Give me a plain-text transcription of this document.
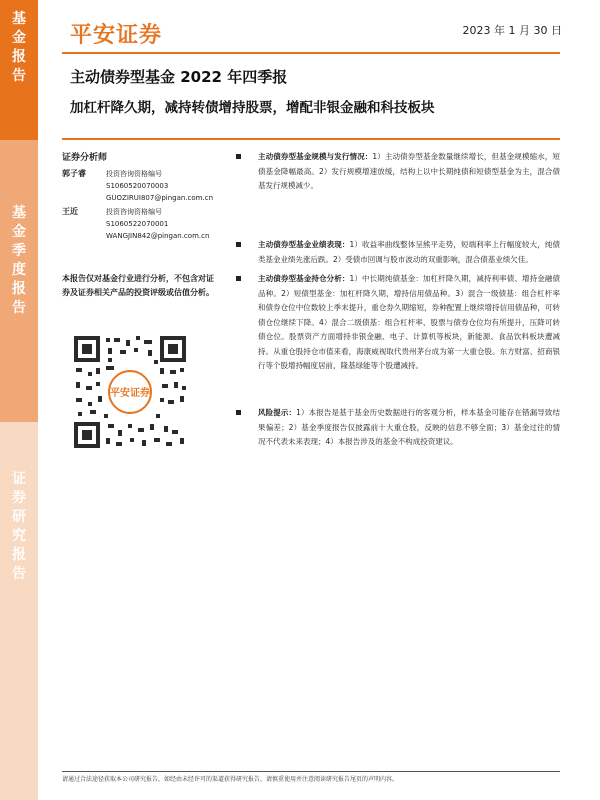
基金报告
基金季度报告
证券研究报告
平安证券	2023 年 1 月 30 日
主动债券型基金 2022 年四季报
加杠杆降久期，减持转债增持股票，增配非银金融和科技板块
证券分析师
郭子睿	投资咨询资格编号
S1060520070003
GUOZIRUI807@pingan.com.cn
王近	投资咨询资格编号
S1060522070001
WANGJIN842@pingan.com.cn
本报告仅对基金行业进行分析，不包含对证券及证券相关产品的投资评级或估值分析。
平安证券
主动债券型基金规模与发行情况：1）主动债券型基金数量继续增长，但基金规模缩水，短债基金降幅最高。2）发行规模增速放缓，结构上以中长期纯债和短债型基金为主，混合债基发行规模减少。
主动债券型基金业绩表现：1）收益率曲线整体呈熊平走势，短端利率上行幅度较大，纯债类基金业绩先涨后跌。2）受债市回调与股市波动的双重影响，混合债基业绩欠佳。
主动债券型基金持仓分析：1）中长期纯债基金：加杠杆降久期，减持利率债、增持金融债品种。2）短债型基金：加杠杆降久期，增持信用债品种。3）混合一级债基：组合杠杆率和债券仓位中位数较上季末提升，重仓券久期缩短，券种配置上继续增持信用债品种，可转债仓位继续下降。4）混合二级债基：组合杠杆率、股票与债券仓位均有所提升，压降可转债仓位。股票资产方面增持非银金融、电子、计算机等板块，新能源、食品饮料板块遭减持。从重仓股持仓市值来看，海康威视取代贵州茅台成为第一大重仓股。东方财富、招商银行等个股增持幅度居前，隆基绿能等个股遭减持。
风险提示：1）本报告是基于基金历史数据进行的客观分析，样本基金可能存在错漏导致结果偏差；2）基金季度报告仅披露前十大重仓股，反映的信息不够全面；3）基金过往的情况不代表未来表现；4）本报告涉及的基金不构成投资建议。
请通过合法途径获取本公司研究报告，如经由未经许可的渠道获得研究报告，请慎重使用并注意阅读研究报告尾页的声明内容。
